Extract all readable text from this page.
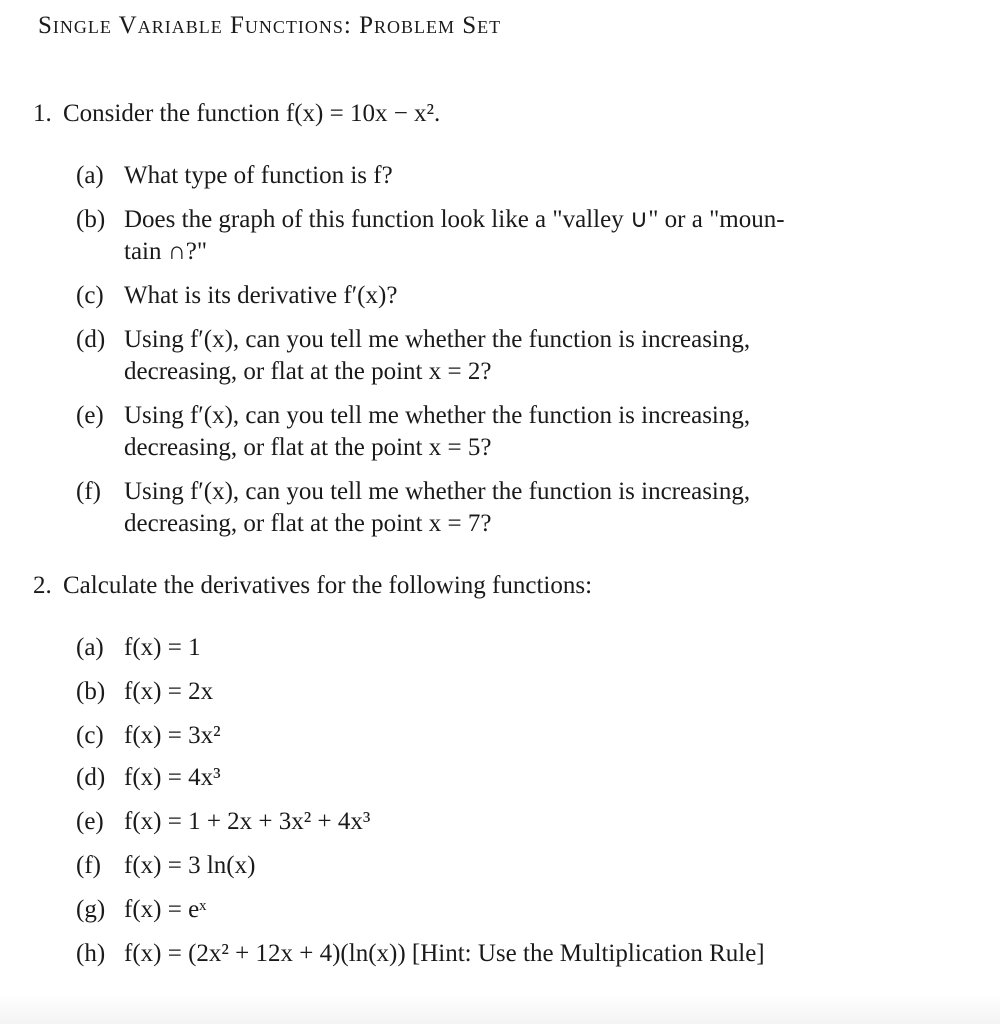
Single Variable Functions: Problem Set
1. Consider the function f(x) = 10x − x².
(a) What type of function is f?
(b) Does the graph of this function look like a "valley ∪" or a "moun-
tain ∩?"
(c) What is its derivative f′(x)?
(d) Using f′(x), can you tell me whether the function is increasing,
decreasing, or flat at the point x = 2?
(e) Using f′(x), can you tell me whether the function is increasing,
decreasing, or flat at the point x = 5?
(f) Using f′(x), can you tell me whether the function is increasing,
decreasing, or flat at the point x = 7?
2. Calculate the derivatives for the following functions:
(a) f(x) = 1
(b) f(x) = 2x
(c) f(x) = 3x²
(d) f(x) = 4x³
(e) f(x) = 1 + 2x + 3x² + 4x³
(f) f(x) = 3 ln(x)
(g) f(x) = eˣ
(h) f(x) = (2x² + 12x + 4)(ln(x)) [Hint: Use the Multiplication Rule]
